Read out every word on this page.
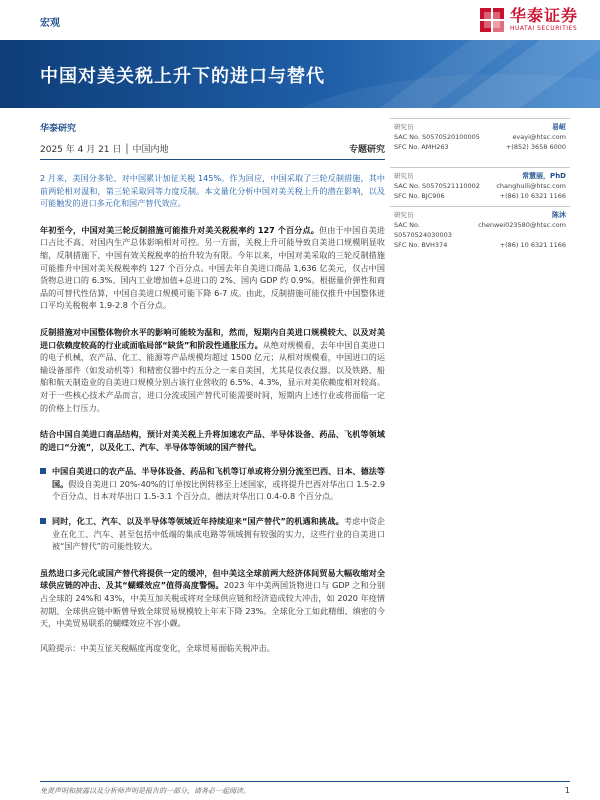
宏观	华泰证券
HUATAI SECURITIES
中国对美关税上升下的进口与替代
华泰研究
2025 年 4 月 21 日 │ 中国内地	专题研究

2 月来，美国分多轮、对中国累计加征关税 145%。作为回应，中国采取了三轮反制措施，其中前两轮相对温和，第三轮采取同等力度反制。本文量化分析中国对美关税上升的潜在影响，以及可能触发的进口多元化和国产替代效应。

年初至今，中国对美三轮反制措施可能推升对美关税税率约 127 个百分点。但由于中国自美进口占比不高、对国内生产总体影响相对可控。另一方面，关税上升可能导致自美进口规模明显收缩，反制措施下，中国有效关税税率的抬升较为有限。今年以来，中国对美采取的三轮反制措施可能推升中国对美关税税率约 127 个百分点。中国去年自美进口商品 1,636 亿美元，仅占中国货物总进口的 6.3%、国内工业增加值+总进口的 2%、国内 GDP 约 0.9%。根据量价弹性和商品的可替代性估算，中国自美进口规模可能下降 6-7 成。由此，反制措施可能仅推升中国整体进口平均关税税率 1.9-2.8 个百分点。

反制措施对中国整体物价水平的影响可能较为温和，然而，短期内自美进口规模较大、以及对美进口依赖度较高的行业或面临局部“缺货”和阶段性通胀压力。从绝对规模看，去年中国自美进口的电子机械、农产品、化工、能源等产品规模均超过 1500 亿元；从相对规模看，中国进口的运输设备部件（如发动机等）和精密仪器中约五分之一来自美国，尤其是仪表仪器、以及铁路、船舶和航天制造业的自美进口规模分别占该行业营收的 6.5%、4.3%，显示对美依赖度相对较高。对于一些核心技术产品而言，进口分流或国产替代可能需要时间，短期内上述行业或将面临一定的价格上行压力。

结合中国自美进口商品结构，预计对美关税上升将加速农产品、半导体设备、药品、飞机等领域的进口“分流”，以及化工、汽车、半导体等领域的国产替代。

中国自美进口的农产品、半导体设备、药品和飞机等订单或将分别分流至巴西、日本、德法等国。假设自美进口 20%-40%的订单按比例转移至上述国家，或将提升巴西对华出口 1.5-2.9 个百分点、日本对华出口 1.5-3.1 个百分点、德法对华出口 0.4-0.8 个百分点。
同时，化工、汽车、以及半导体等领域近年持续迎来“国产替代”的机遇和挑战。考虑中资企业在化工、汽车、甚至包括中低端的集成电路等领域拥有较强的实力，这些行业的自美进口被“国产替代”的可能性较大。

虽然进口多元化或国产替代将提供一定的缓冲，但中美这全球前两大经济体间贸易大幅收缩对全球供应链的冲击、及其“蝴蝶效应”值得高度警惕。2023 年中美两国货物进口与 GDP 之和分别占全球的 24%和 43%，中美互加关税或将对全球供应链和经济造成较大冲击，如 2020 年疫情初期、全球供应链中断曾导致全球贸易规模较上年末下降 23%。全球化分工如此精细、缜密的今天，中美贸易联系的蝴蝶效应不容小觑。

风险提示：中美互征关税幅度再度变化，全球贸易面临关税冲击。

研究员	易峘
SAC No. S0570520100005	evayi@htsc.com
SFC No. AMH263	+(852) 3658 6000
研究员	常慧丽，PhD
SAC No. S0570521110002	changhuili@htsc.com
SFC No. BJC906	+(86) 10 6321 1166
研究员	陈沐
SAC No. S0570524030003
chenwei023580@htsc.com
SFC No. BVH374	+(86) 10 6321 1166
免责声明和披露以及分析师声明是报告的一部分，请务必一起阅读。	1
